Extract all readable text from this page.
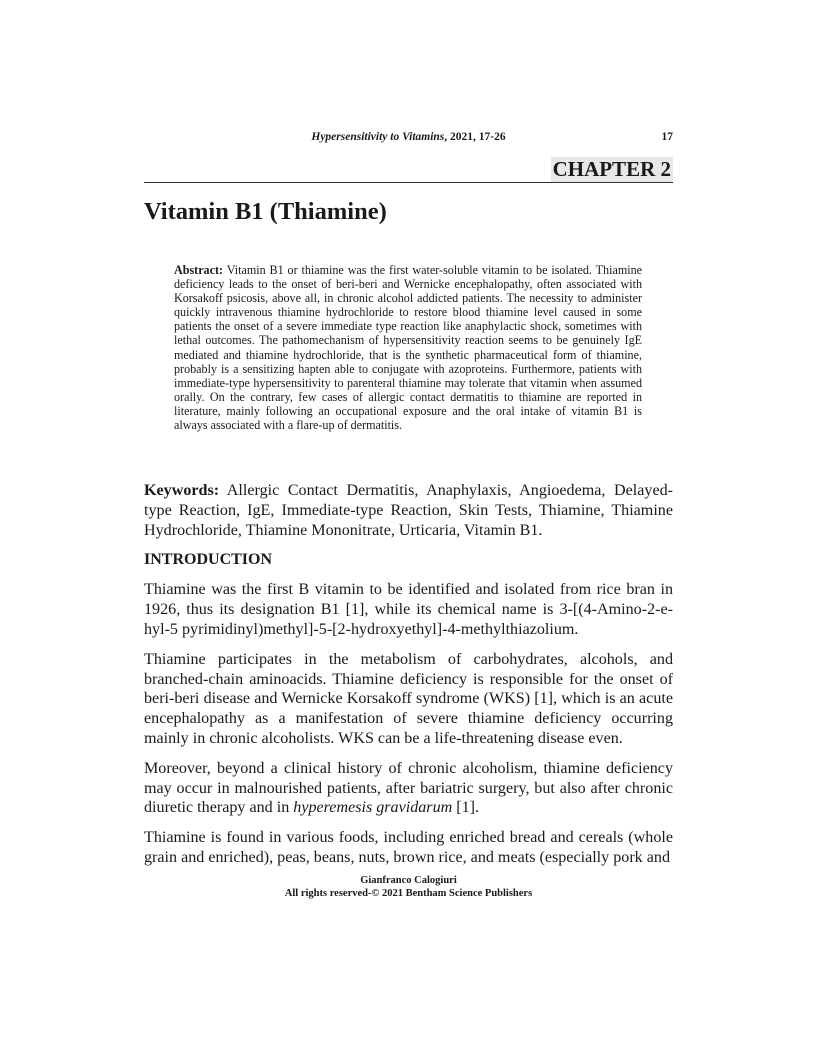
Hypersensitivity to Vitamins, 2021, 17-26	17
CHAPTER 2
Vitamin B1 (Thiamine)

Abstract: Vitamin B1 or thiamine was the first water-soluble vitamin to be isolated. Thiamine deficiency leads to the onset of beri-beri and Wernicke encephalopathy, often associated with Korsakoff psicosis, above all, in chronic alcohol addicted patients. The necessity to administer quickly intravenous thiamine hydrochloride to restore blood thiamine level caused in some patients the onset of a severe immediate type reaction like anaphylactic shock, sometimes with lethal outcomes. The pathomechanism of hypersensitivity reaction seems to be genuinely IgE mediated and thiamine hydrochloride, that is the synthetic pharmaceutical form of thiamine, probably is a sensitizing hapten able to conjugate with azoproteins. Furthermore, patients with immediate-type hypersensitivity to parenteral thiamine may tolerate that vitamin when assumed orally. On the contrary, few cases of allergic contact dermatitis to thiamine are reported in literature, mainly following an occupational exposure and the oral intake of vitamin B1 is always associated with a flare-up of dermatitis.

Keywords: Allergic Contact Dermatitis, Anaphylaxis, Angioedema, Delayed-type Reaction, IgE, Immediate-type Reaction, Skin Tests, Thiamine, Thiamine Hydrochloride, Thiamine Mononitrate, Urticaria, Vitamin B1.

INTRODUCTION

Thiamine was the first B vitamin to be identified and isolated from rice bran in 1926, thus its designation B1 [1], while its chemical name is 3-[(4-Amino-2-e-hyl-5 pyrimidinyl)methyl]-5-[2-hydroxyethyl]-4-methylthiazolium.

Thiamine participates in the metabolism of carbohydrates, alcohols, and branched-chain aminoacids. Thiamine deficiency is responsible for the onset of beri-beri disease and Wernicke Korsakoff syndrome (WKS) [1], which is an acute encephalopathy as a manifestation of severe thiamine deficiency occurring mainly in chronic alcoholists. WKS can be a life-threatening disease even.

Moreover, beyond a clinical history of chronic alcoholism, thiamine deficiency may occur in malnourished patients, after bariatric surgery, but also after chronic diuretic therapy and in hyperemesis gravidarum [1].

Thiamine is found in various foods, including enriched bread and cereals (whole grain and enriched), peas, beans, nuts, brown rice, and meats (especially pork and

Gianfranco Calogiuri
All rights reserved-© 2021 Bentham Science Publishers
